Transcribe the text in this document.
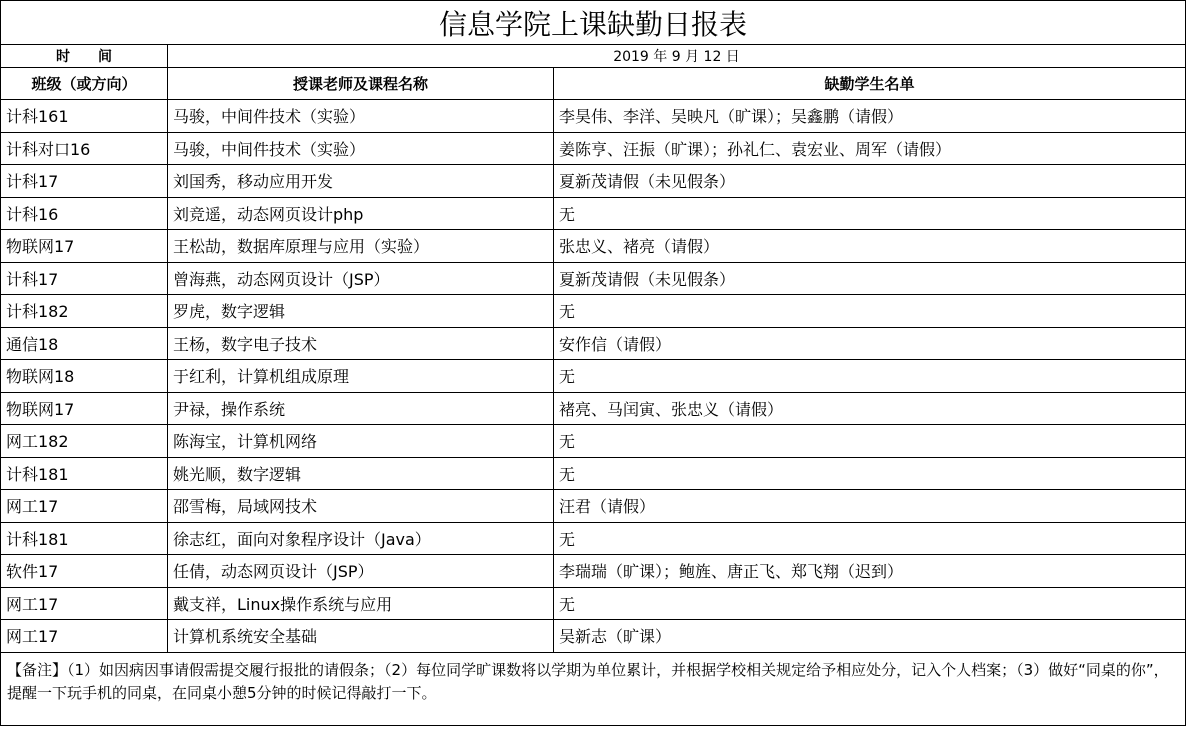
信息学院上课缺勤日报表		
时　　间	2019 年 9 月 12 日	
班级（或方向）	授课老师及课程名称	缺勤学生名单
计科161	马骏，中间件技术（实验）	李昊伟、李洋、吴映凡（旷课）；吴鑫鹏（请假）
计科对口16	马骏，中间件技术（实验）	姜陈亨、汪振（旷课）；孙礼仁、袁宏业、周军（请假）
计科17	刘国秀，移动应用开发	夏新茂请假（未见假条）
计科16	刘竞遥，动态网页设计php	无
物联网17	王松劼，数据库原理与应用（实验）	张忠义、褚亮（请假）
计科17	曾海燕，动态网页设计（JSP）	夏新茂请假（未见假条）
计科182	罗虎，数字逻辑	无
通信18	王杨，数字电子技术	安作信（请假）
物联网18	于红利，计算机组成原理	无
物联网17	尹禄，操作系统	褚亮、马闰寅、张忠义（请假）
网工182	陈海宝，计算机网络	无
计科181	姚光顺，数字逻辑	无
网工17	邵雪梅，局域网技术	汪君（请假）
计科181	徐志红，面向对象程序设计（Java）	无
软件17	任倩，动态网页设计（JSP）	李瑞瑞（旷课）；鲍旌、唐正飞、郑飞翔（迟到）
网工17	戴支祥，Linux操作系统与应用	无
网工17	计算机系统安全基础	吴新志（旷课）
【备注】（1）如因病因事请假需提交履行报批的请假条；（2）每位同学旷课数将以学期为单位累计，并根据学校相关规定给予相应处分，记入个人档案；（3）做好“同桌的你”，提醒一下玩手机的同桌，在同桌小憩5分钟的时候记得敲打一下。		
